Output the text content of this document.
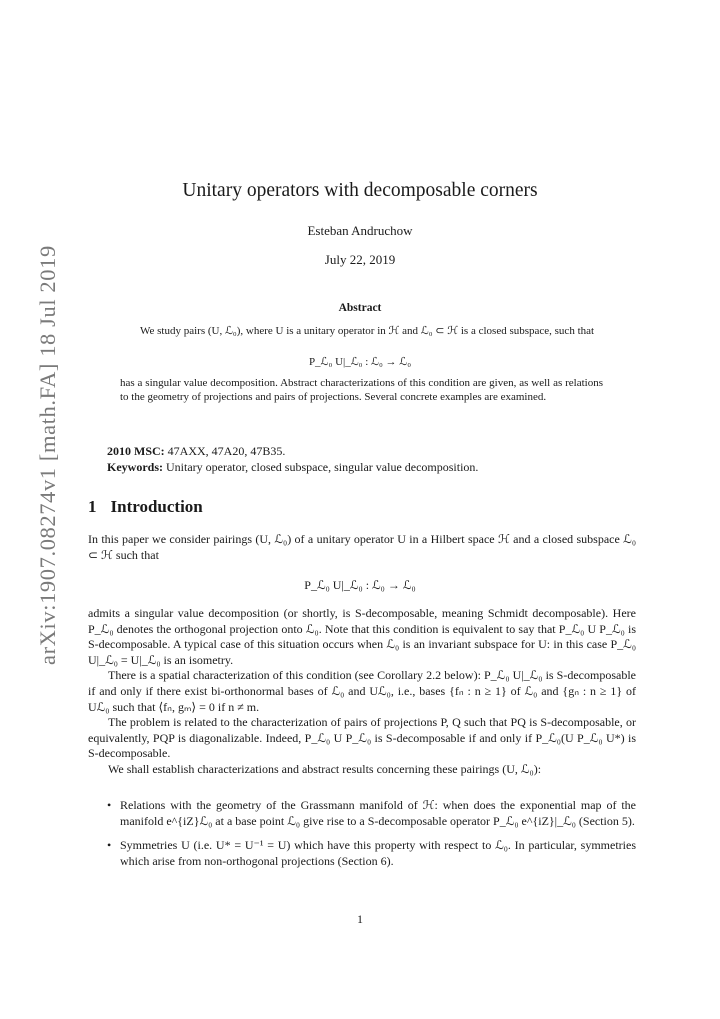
arXiv:1907.08274v1 [math.FA] 18 Jul 2019
Unitary operators with decomposable corners
Esteban Andruchow
July 22, 2019
Abstract

We study pairs (U, ℒ₀), where U is a unitary operator in ℋ and ℒ₀ ⊂ ℋ is a closed subspace, such that

P_ℒ₀ U|_ℒ₀ : ℒ₀ → ℒ₀

has a singular value decomposition. Abstract characterizations of this condition are given, as well as relations to the geometry of projections and pairs of projections. Several concrete examples are examined.

2010 MSC: 47AXX, 47A20, 47B35.
Keywords: Unitary operator, closed subspace, singular value decomposition.
1 Introduction

In this paper we consider pairings (U, ℒ₀) of a unitary operator U in a Hilbert space ℋ and a closed subspace ℒ₀ ⊂ ℋ such that

P_ℒ₀ U|_ℒ₀ : ℒ₀ → ℒ₀

admits a singular value decomposition (or shortly, is S-decomposable, meaning Schmidt decomposable). Here P_ℒ₀ denotes the orthogonal projection onto ℒ₀. Note that this condition is equivalent to say that P_ℒ₀ U P_ℒ₀ is S-decomposable. A typical case of this situation occurs when ℒ₀ is an invariant subspace for U: in this case P_ℒ₀ U|_ℒ₀ = U|_ℒ₀ is an isometry.

There is a spatial characterization of this condition (see Corollary 2.2 below): P_ℒ₀ U|_ℒ₀ is S-decomposable if and only if there exist bi-orthonormal bases of ℒ₀ and Uℒ₀, i.e., bases {fₙ : n ≥ 1} of ℒ₀ and {gₙ : n ≥ 1} of Uℒ₀ such that ⟨fₙ, gₘ⟩ = 0 if n ≠ m.

The problem is related to the characterization of pairs of projections P, Q such that PQ is S-decomposable, or equivalently, PQP is diagonalizable. Indeed, P_ℒ₀ U P_ℒ₀ is S-decomposable if and only if P_ℒ₀(U P_ℒ₀ U*) is S-decomposable.

We shall establish characterizations and abstract results concerning these pairings (U, ℒ₀):

• Relations with the geometry of the Grassmann manifold of ℋ: when does the exponential map of the manifold e^{iZ}ℒ₀ at a base point ℒ₀ give rise to a S-decomposable operator P_ℒ₀ e^{iZ}|_ℒ₀ (Section 5).
• Symmetries U (i.e. U* = U⁻¹ = U) which have this property with respect to ℒ₀. In particular, symmetries which arise from non-orthogonal projections (Section 6).
1
